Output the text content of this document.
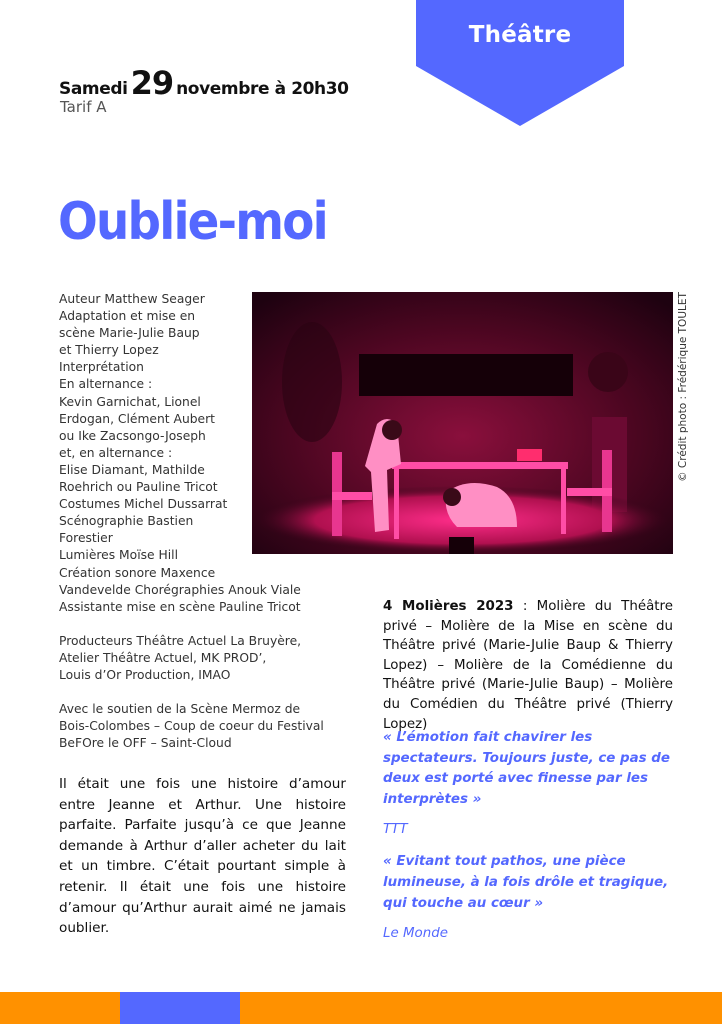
Théâtre
Samedi29 novembre à 20h30
Tarif A
Oublie-moi

Auteur Matthew Seager

Adaptation et mise en

scène Marie-Julie Baup

et Thierry Lopez

Interprétation

En alternance :

Kevin Garnichat, Lionel

Erdogan, Clément Aubert

ou Ike Zacsongo-Joseph

et, en alternance :

Elise Diamant, Mathilde

Roehrich ou Pauline Tricot

Costumes Michel Dussarrat

Scénographie Bastien

Forestier

Lumières Moïse Hill

Création sonore Maxence

Vandevelde Chorégraphies Anouk Viale

Assistante mise en scène Pauline Tricot

Producteurs Théâtre Actuel La Bruyère,

Atelier Théâtre Actuel, MK PROD’,

Louis d’Or Production, IMAO

Avec le soutien de la Scène Mermoz de

Bois-Colombes – Coup de coeur du Festival

BeFOre le OFF – Saint-Cloud

© Crédit photo : Frédérique TOULET

Il était une fois une histoire d’amour entre Jeanne et Arthur. Une histoire parfaite. Parfaite jusqu’à ce que Jeanne demande à Arthur d’aller acheter du lait et un timbre. C’était pourtant simple à retenir. Il était une fois une histoire d’amour qu’Arthur aurait aimé ne jamais oublier.

4 Molières 2023 : Molière du Théâtre privé – Molière de la Mise en scène du Théâtre privé (Marie-Julie Baup & Thierry Lopez) – Molière de la Comédienne du Théâtre privé (Marie-Julie Baup) – Molière du Comédien du Théâtre privé (Thierry Lopez)

« L’émotion fait chavirer les spectateurs. Toujours juste, ce pas de deux est porté avec finesse par les interprètes »

TTT

« Evitant tout pathos, une pièce lumineuse, à la fois drôle et tragique, qui touche au cœur »

Le Monde
